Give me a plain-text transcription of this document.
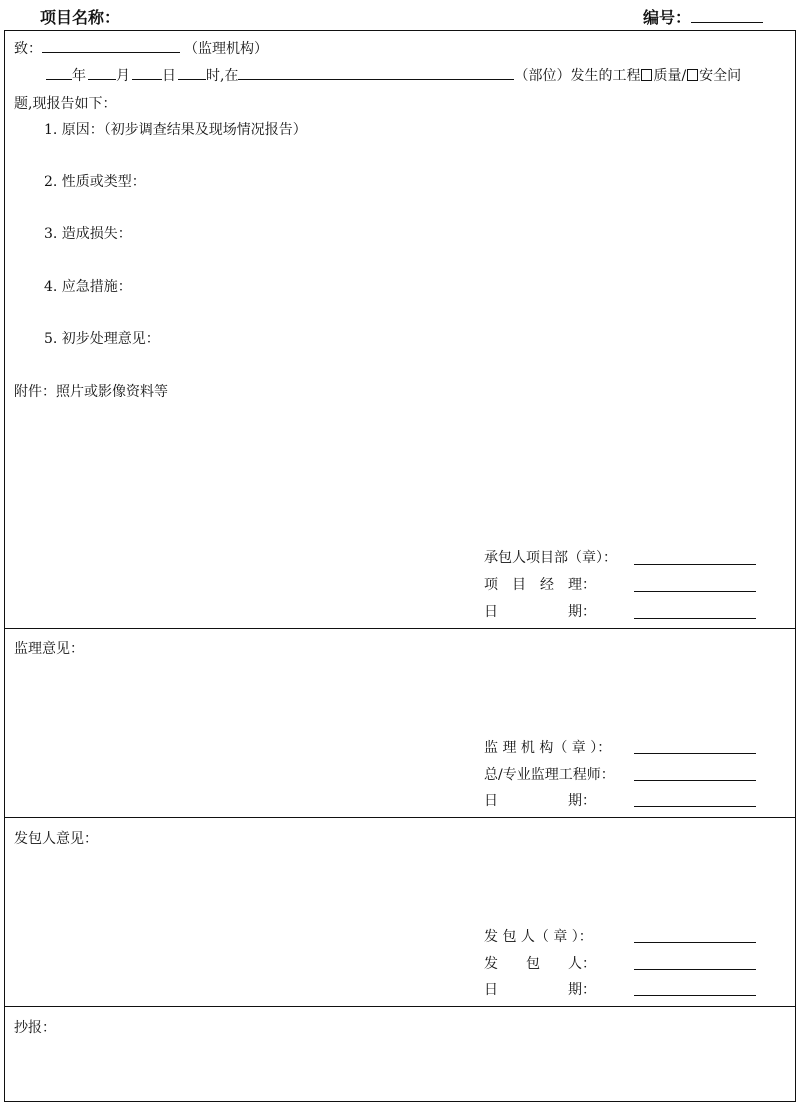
项目名称：	编号：
致：	（监理机构）
年 月 日 时,在	（部位）发生的工程 质量/ 安全问
题,现报告如下：
1. 原因：（初步调查结果及现场情况报告）
2. 性质或类型：
3. 造成损失：
4. 应急措施：
5. 初步处理意见：
附件：照片或影像资料等
承包人项目部（章）：
项　目　经　理：
日　　　　　期：
监理意见：
监 理 机 构（ 章 ）：
总/专业监理工程师：
日　　　　　期：
发包人意见：
发 包 人（ 章 ）：
发　　包　　人：
日　　　　　期：
抄报：
